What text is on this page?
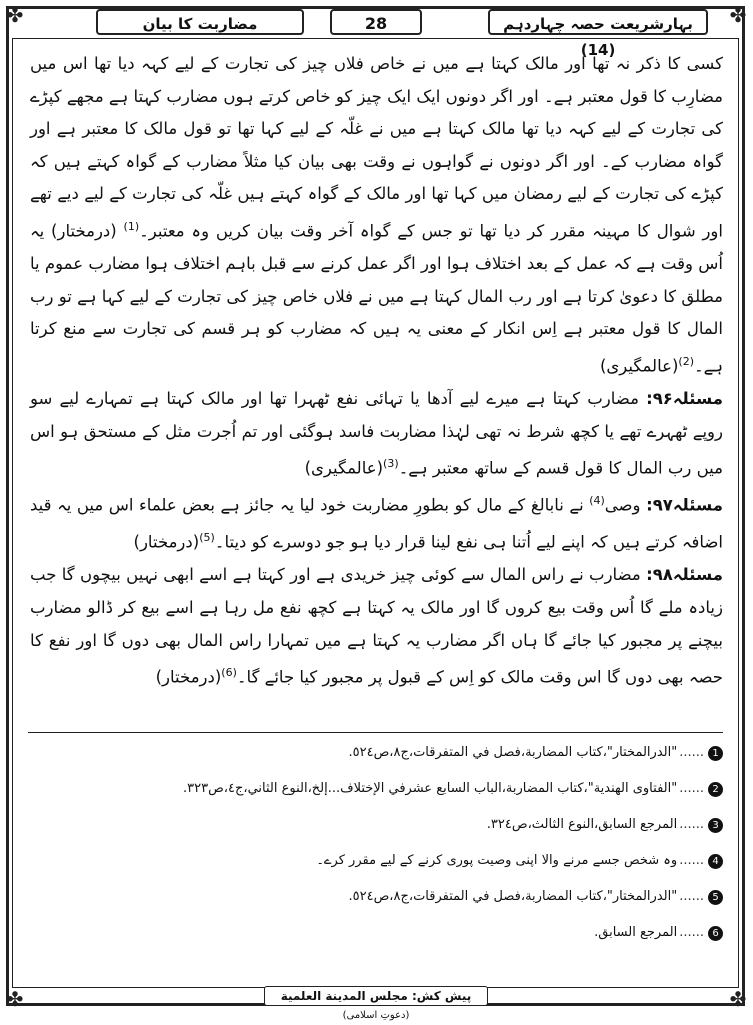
✤	✤
✤	✤
مضاربت کا بیان	28	بہارِشریعت حصہ چہاردہم (14)

کسی کا ذکر نہ تھا اور مالک کہتا ہے میں نے خاص فلاں چیز کی تجارت کے لیے کہہ دیا تھا اس میں مضارِب کا قول معتبر ہے۔ اور اگر دونوں ایک ایک چیز کو خاص کرتے ہوں مضارب کہتا ہے مجھے کپڑے کی تجارت کے لیے کہہ دیا تھا مالک کہتا ہے میں نے غلّہ کے لیے کہا تھا تو قول مالک کا معتبر ہے اور گواہ مضارب کے۔ اور اگر دونوں نے گواہوں نے وقت بھی بیان کیا مثلاً مضارب کے گواہ کہتے ہیں کہ کپڑے کی تجارت کے لیے رمضان میں کہا تھا اور مالک کے گواہ کہتے ہیں غلّہ کی تجارت کے لیے دیے تھے اور شوال کا مہینہ مقرر کر دیا تھا تو جس کے گواہ آخر وقت بیان کریں وہ معتبر۔$^{(1)}$ (درمختار) یہ اُس وقت ہے کہ عمل کے بعد اختلاف ہوا اور اگر عمل کرنے سے قبل باہم اختلاف ہوا مضارب عموم یا مطلق کا دعویٰ کرتا ہے اور رب المال کہتا ہے میں نے فلاں خاص چیز کی تجارت کے لیے کہا ہے تو رب المال کا قول معتبر ہے اِس انکار کے معنی یہ ہیں کہ مضارب کو ہر قسم کی تجارت سے منع کرتا ہے۔$^{(2)}$(عالمگیری)

مسئلہ۹۶: مضارب کہتا ہے میرے لیے آدھا یا تہائی نفع ٹھہرا تھا اور مالک کہتا ہے تمہارے لیے سو روپے ٹھہرے تھے یا کچھ شرط نہ تھی لہٰذا مضاربت فاسد ہوگئی اور تم اُجرت مثل کے مستحق ہو اس میں رب المال کا قول قسم کے ساتھ معتبر ہے۔$^{(3)}$(عالمگیری)

مسئلہ۹۷: وصی$^{(4)}$ نے نابالغ کے مال کو بطورِ مضاربت خود لیا یہ جائز ہے بعض علماء اس میں یہ قید اضافہ کرتے ہیں کہ اپنے لیے اُتنا ہی نفع لینا قرار دیا ہو جو دوسرے کو دیتا۔$^{(5)}$(درمختار)

مسئلہ۹۸: مضارب نے راس المال سے کوئی چیز خریدی ہے اور کہتا ہے اسے ابھی نہیں بیچوں گا جب زیادہ ملے گا اُس وقت بیع کروں گا اور مالک یہ کہتا ہے کچھ نفع مل رہا ہے اسے بیع کر ڈالو مضارب بیچنے پر مجبور کیا جائے گا ہاں اگر مضارب یہ کہتا ہے میں تمہارا راس المال بھی دوں گا اور نفع کا حصہ بھی دوں گا اس وقت مالک کو اِس کے قبول پر مجبور کیا جائے گا۔$^{(6)}$(درمختار)

1
......
"الدرالمختار"،كتاب المضاربة،فصل في المتفرقات،ج٨،ص٥٢٤.
2
......
"الفتاوى الهندية"،كتاب المضاربة،الباب السابع عشرفي الإختلاف...إلخ،النوع الثاني،ج٤،ص٣٢٣.
3
......
المرجع السابق،النوع الثالث،ص٣٢٤.
4
......
وہ شخص جسے مرنے والا اپنی وصیت پوری کرنے کے لیے مقرر کرے۔
5
......
"الدرالمختار"،كتاب المضاربة،فصل في المتفرقات،ج٨،ص٥٢٤.
6
......
المرجع السابق.
پیش کش: مجلس المدينة العلمية (دعوتِ اسلامی)
